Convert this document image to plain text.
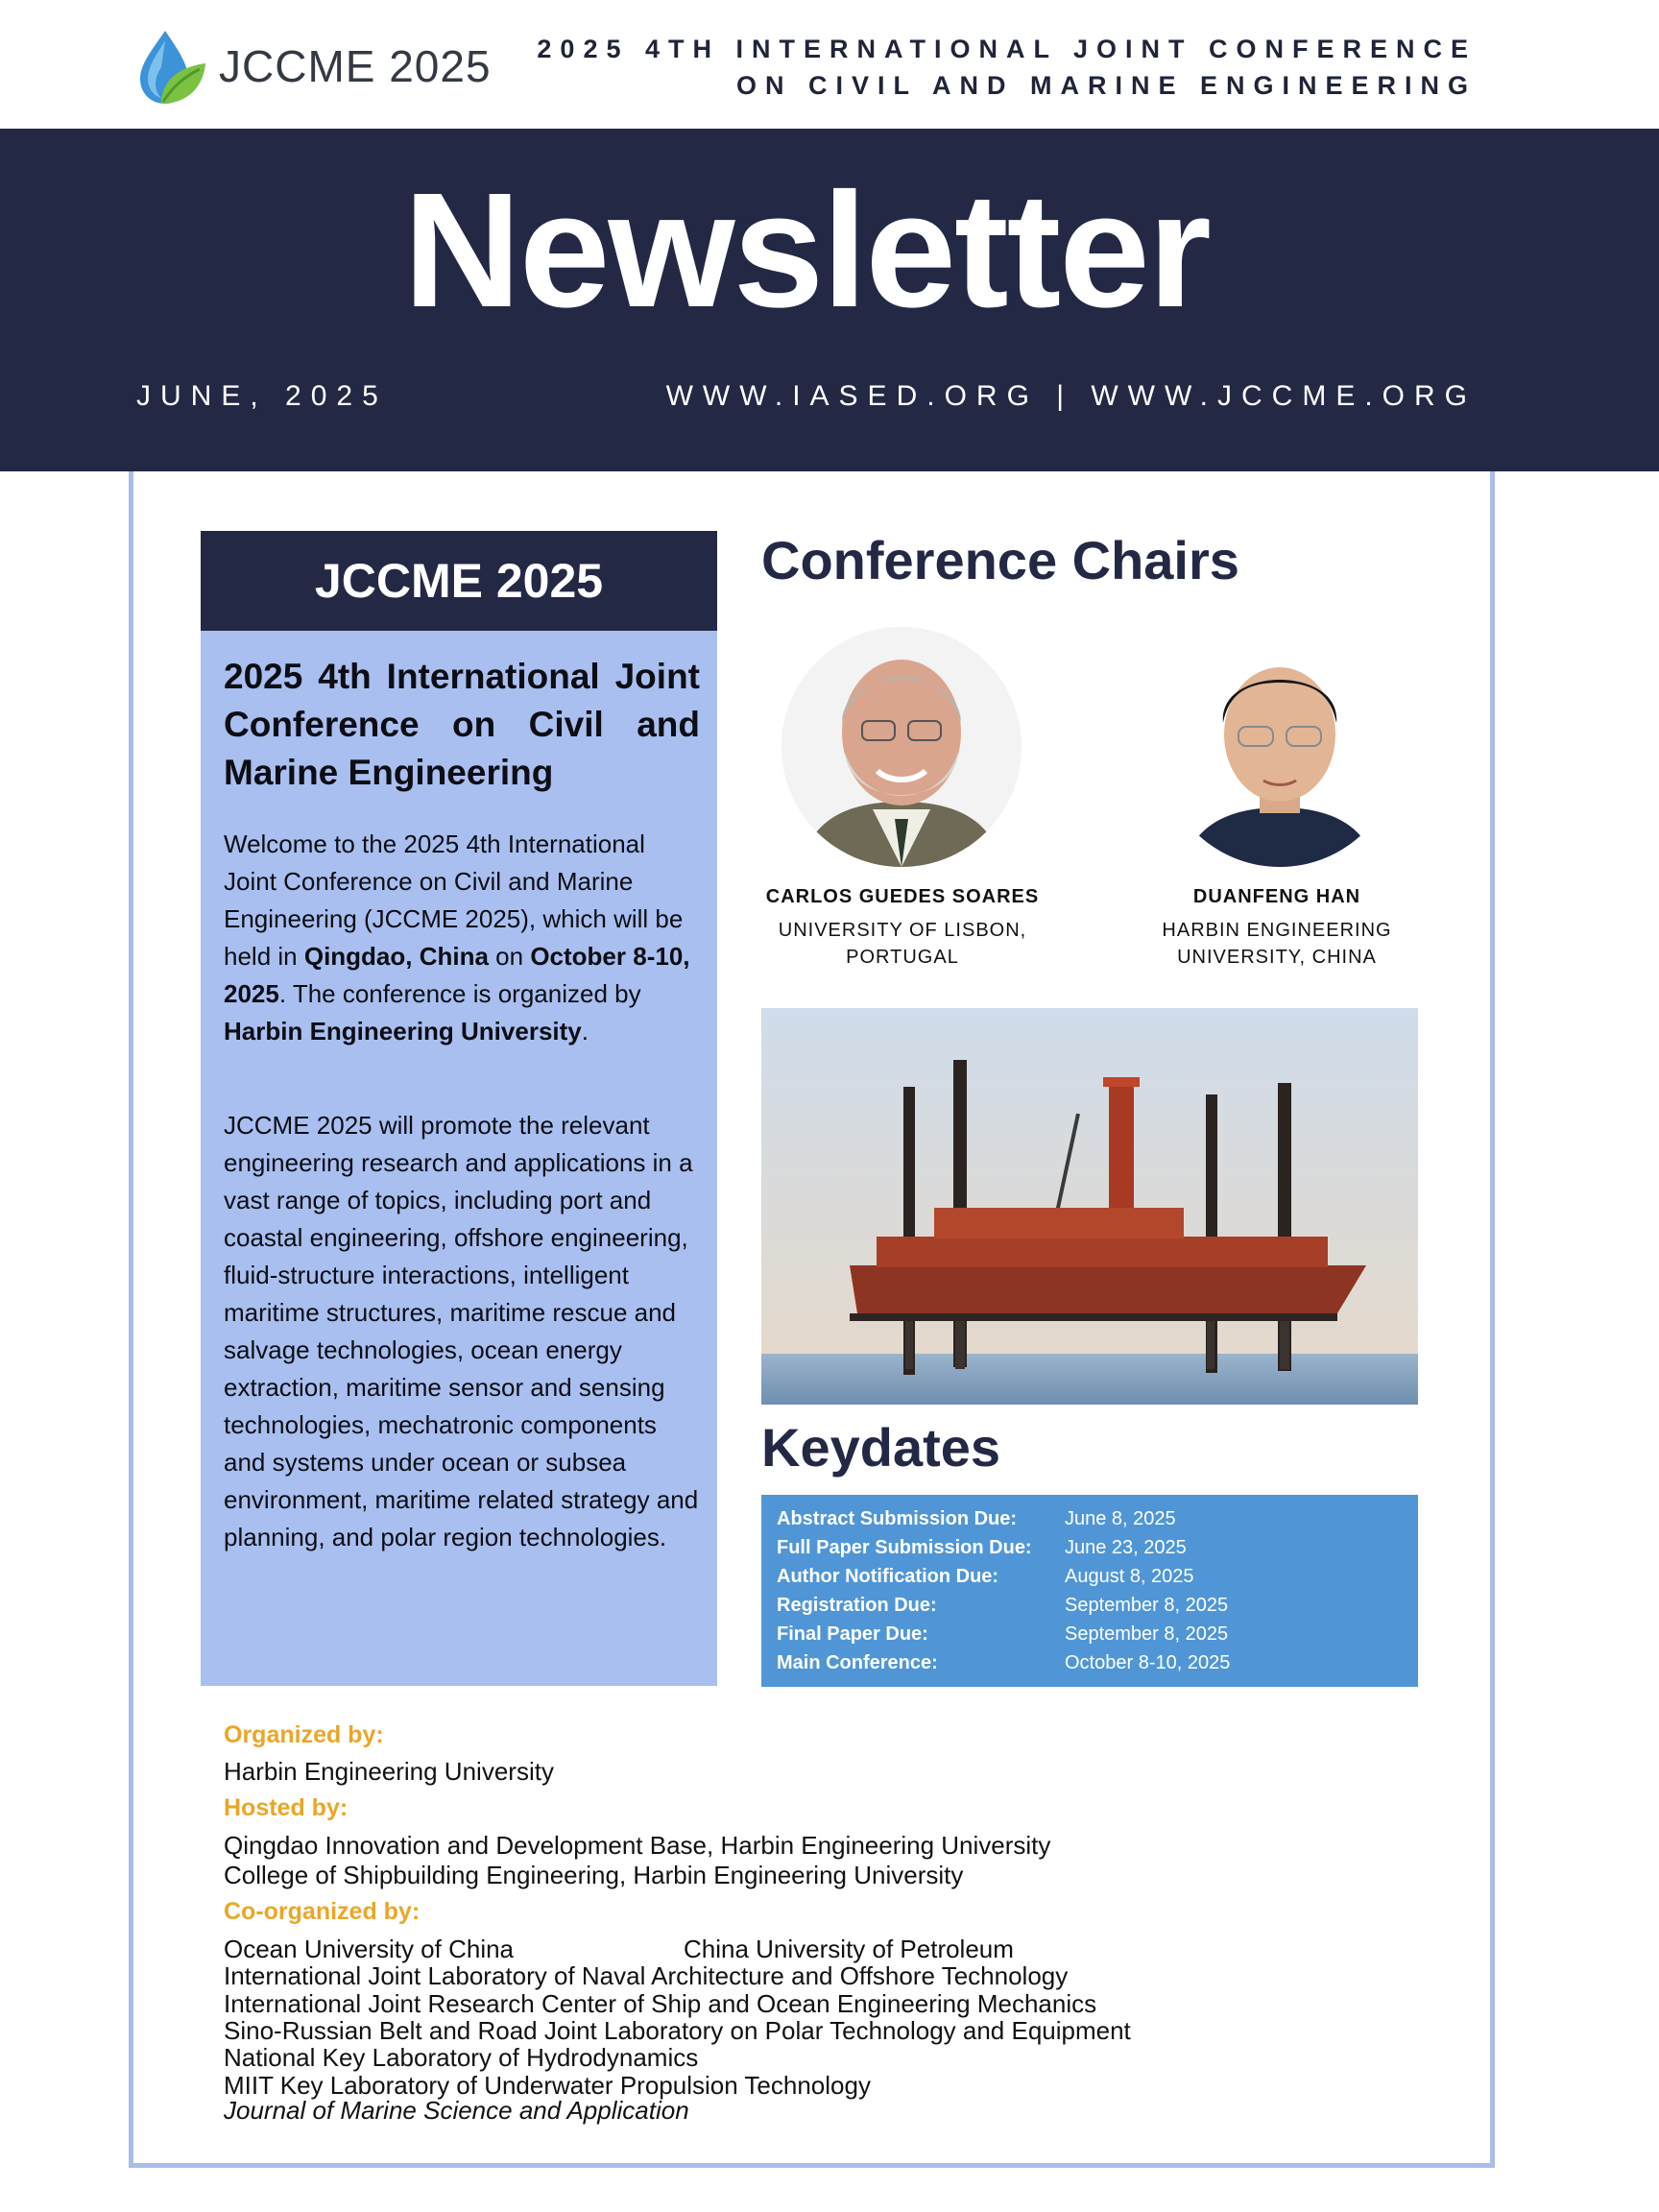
JCCME 2025 2025 4TH INTERNATIONAL JOINT CONFERENCE
ON CIVIL AND MARINE ENGINEERING
Newsletter
JUNE, 2025	WWW.IASED.ORG | WWW.JCCME.ORG
JCCME 2025
2025 4th International Joint Conference on Civil and Marine Engineering
Welcome to the 2025 4th International Joint Conference on Civil and Marine Engineering (JCCME 2025), which will be held in Qingdao, China on October 8-10, 2025. The conference is organized by Harbin Engineering University.
JCCME 2025 will promote the relevant engineering research and applications in a vast range of topics, including port and coastal engineering, offshore engineering, fluid-structure interactions, intelligent maritime structures, maritime rescue and salvage technologies, ocean energy extraction, maritime sensor and sensing technologies, mechatronic components and systems under ocean or subsea environment, maritime related strategy and planning, and polar region technologies.
Conference Chairs
CARLOS GUEDES SOARES
UNIVERSITY OF LISBON,
PORTUGAL
DUANFENG HAN
HARBIN ENGINEERING
UNIVERSITY, CHINA
Keydates
Abstract Submission Due: June 8, 2025
Full Paper Submission Due: June 23, 2025
Author Notification Due:	August 8, 2025
Registration Due:	September 8, 2025
Final Paper Due:	September 8, 2025
Main Conference:	October 8-10, 2025
Organized by:
Harbin Engineering University
Hosted by:
Qingdao Innovation and Development Base, Harbin Engineering University
College of Shipbuilding Engineering, Harbin Engineering University
Co-organized by:
Ocean University of China	China University of Petroleum
International Joint Laboratory of Naval Architecture and Offshore Technology
International Joint Research Center of Ship and Ocean Engineering Mechanics
Sino-Russian Belt and Road Joint Laboratory on Polar Technology and Equipment
National Key Laboratory of Hydrodynamics
MIIT Key Laboratory of Underwater Propulsion Technology
Journal of Marine Science and Application
